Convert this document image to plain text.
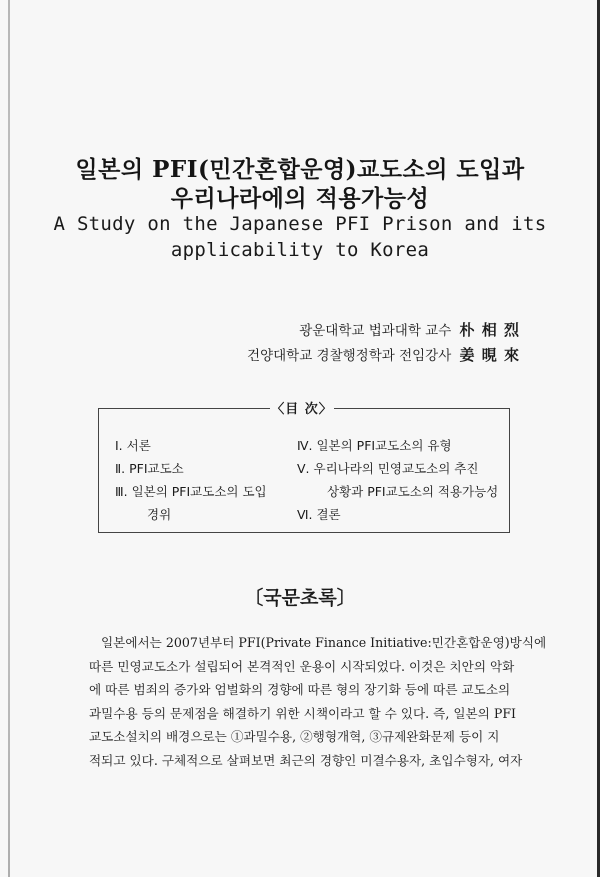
일본의 PFI(민간혼합운영)교도소의 도입과
우리나라에의 적용가능성
A Study on the Japanese PFI Prison and its
applicability to Korea
광운대학교 법과대학 교수 朴 相 烈
건양대학교 경찰행정학과 전임강사 姜 晛 來
〈目 次〉
Ⅰ. 서론
Ⅱ. PFI교도소
Ⅲ. 일본의 PFI교도소의 도입
경위
Ⅳ. 일본의 PFI교도소의 유형
Ⅴ. 우리나라의 민영교도소의 추진
상황과 PFI교도소의 적용가능성
Ⅵ. 결론
〔국문초록〕
일본에서는 2007년부터 PFI(Private Finance Initiative:민간혼합운영)방식에
따른 민영교도소가 설립되어 본격적인 운용이 시작되었다. 이것은 치안의 악화
에 따른 범죄의 증가와 엄벌화의 경향에 따른 형의 장기화 등에 따른 교도소의
과밀수용 등의 문제점을 해결하기 위한 시책이라고 할 수 있다. 즉, 일본의 PFI
교도소설치의 배경으로는 ①과밀수용, ②행형개혁, ③규제완화문제 등이 지
적되고 있다. 구체적으로 살펴보면 최근의 경향인 미결수용자, 초입수형자, 여자
